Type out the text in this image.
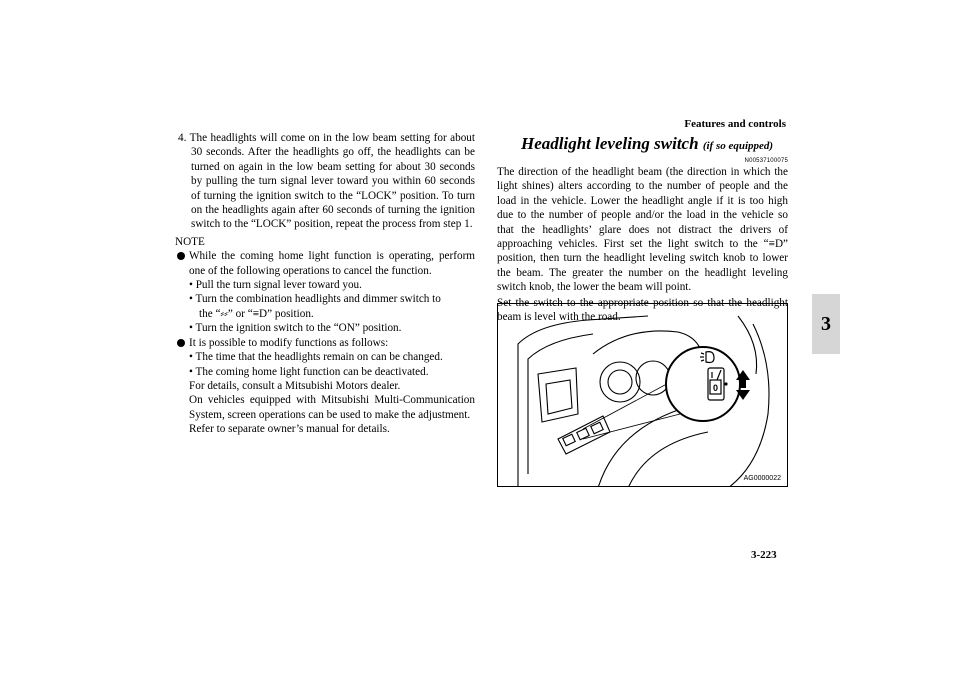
Features and controls
3
3-223
4. The headlights will come on in the low beam setting for about 30 seconds. After the headlights go off, the headlights can be turned on again in the low beam setting for about 30 seconds by pulling the turn signal lever toward you within 60 seconds of turning the ignition switch to the “LOCK” position. To turn on the headlights again after 60 seconds of turning the ignition switch to the “LOCK” position, repeat the process from step 1.
NOTE
While the coming home light function is operating, perform one of the following operations to cancel the function.
• Pull the turn signal lever toward you.
• Turn the combination headlights and dimmer switch to
the “⸗⸗” or “≡D” position.
• Turn the ignition switch to the “ON” position.
It is possible to modify functions as follows:
• The time that the headlights remain on can be changed.
• The coming home light function can be deactivated.
For details, consult a Mitsubishi Motors dealer.
On vehicles equipped with Mitsubishi Multi-Communication System, screen operations can be used to make the adjustment.
Refer to separate owner’s manual for details.
Headlight leveling switch (if so equipped)
N00537100075
The direction of the headlight beam (the direction in which the light shines) alters according to the number of people and the load in the vehicle. Lower the headlight angle if it is too high due to the number of people and/or the load in the vehicle so that the headlights’ glare does not distract the drivers of approaching vehicles. First set the light switch to the “≡D” position, then turn the headlight leveling switch knob to lower the beam. The greater the number on the headlight leveling switch knob, the lower the beam will point.
Set the switch to the appropriate position so that the headlight beam is level with the road.
0
AG0000022
